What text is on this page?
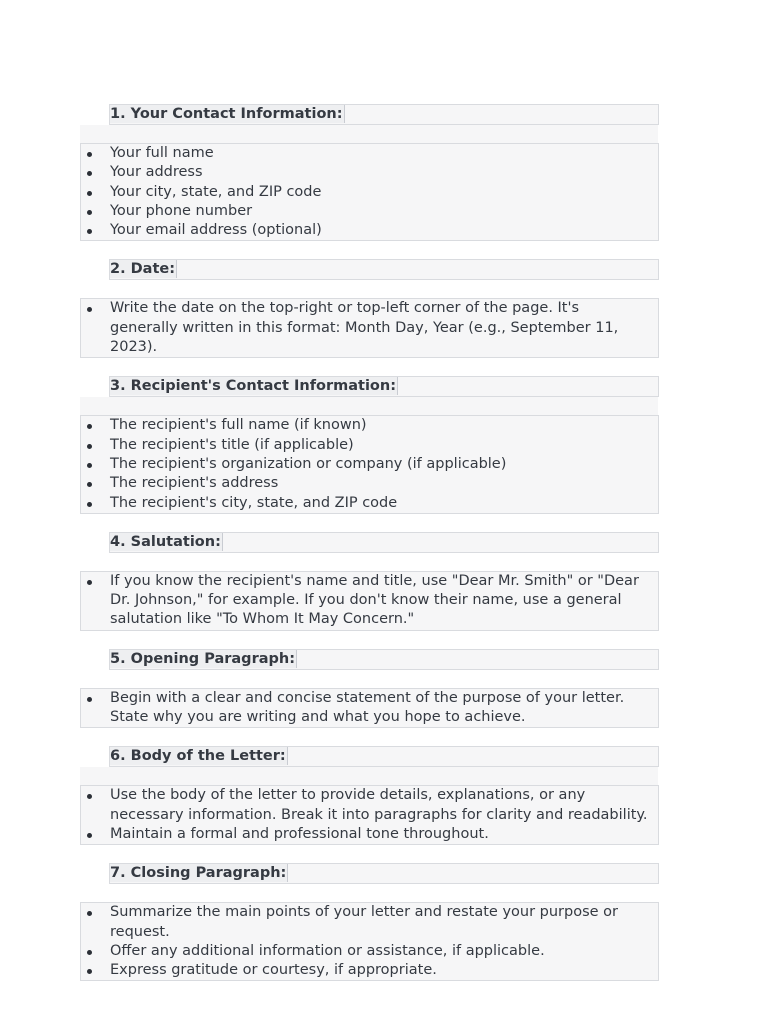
1. Your Contact Information:
Your full name
Your address
Your city, state, and ZIP code
Your phone number
Your email address (optional)
2. Date:
Write the date on the top-right or top-left corner of the page. It's generally written in this format: Month Day, Year (e.g., September 11, 2023).
3. Recipient's Contact Information:
The recipient's full name (if known)
The recipient's title (if applicable)
The recipient's organization or company (if applicable)
The recipient's address
The recipient's city, state, and ZIP code
4. Salutation:
If you know the recipient's name and title, use "Dear Mr. Smith" or "Dear Dr. Johnson," for example. If you don't know their name, use a general salutation like "To Whom It May Concern."
5. Opening Paragraph:
Begin with a clear and concise statement of the purpose of your letter. State why you are writing and what you hope to achieve.
6. Body of the Letter:
Use the body of the letter to provide details, explanations, or any necessary information. Break it into paragraphs for clarity and readability.
Maintain a formal and professional tone throughout.
7. Closing Paragraph:
Summarize the main points of your letter and restate your purpose or request.
Offer any additional information or assistance, if applicable.
Express gratitude or courtesy, if appropriate.
